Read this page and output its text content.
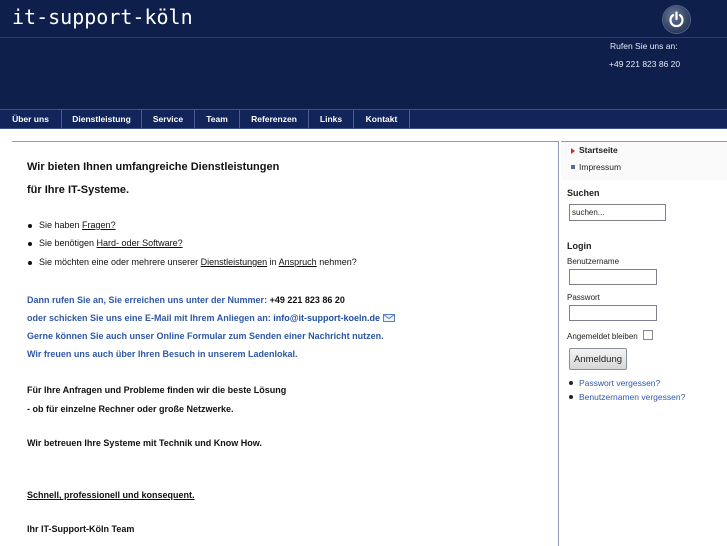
it-support-köln
Rufen Sie uns an:
+49 221 823 86 20
Über uns	Dienstleistung	Service	Team	Referenzen	Links	Kontakt
Wir bieten Ihnen umfangreiche Dienstleistungen
für Ihre IT-Systeme.
Sie haben Fragen?
Sie benötigen Hard- oder Software?
Sie möchten eine oder mehrere unserer Dienstleistungen in Anspruch nehmen?
Dann rufen Sie an, Sie erreichen uns unter der Nummer: +49 221 823 86 20
oder schicken Sie uns eine E-Mail mit Ihrem Anliegen an: info@it-support-koeln.de
Gerne können Sie auch unser Online Formular zum Senden einer Nachricht nutzen.
Wir freuen uns auch über Ihren Besuch in unserem Ladenlokal.
Für Ihre Anfragen und Probleme finden wir die beste Lösung
- ob für einzelne Rechner oder große Netzwerke.
Wir betreuen Ihre Systeme mit Technik und Know How.
Schnell, professionell und konsequent.
Ihr IT-Support-Köln Team
Startseite
Impressum
Suchen
suchen...
Login
Benutzername
Passwort
Angemeldet bleiben
Anmeldung
Passwort vergessen?
Benutzernamen vergessen?
